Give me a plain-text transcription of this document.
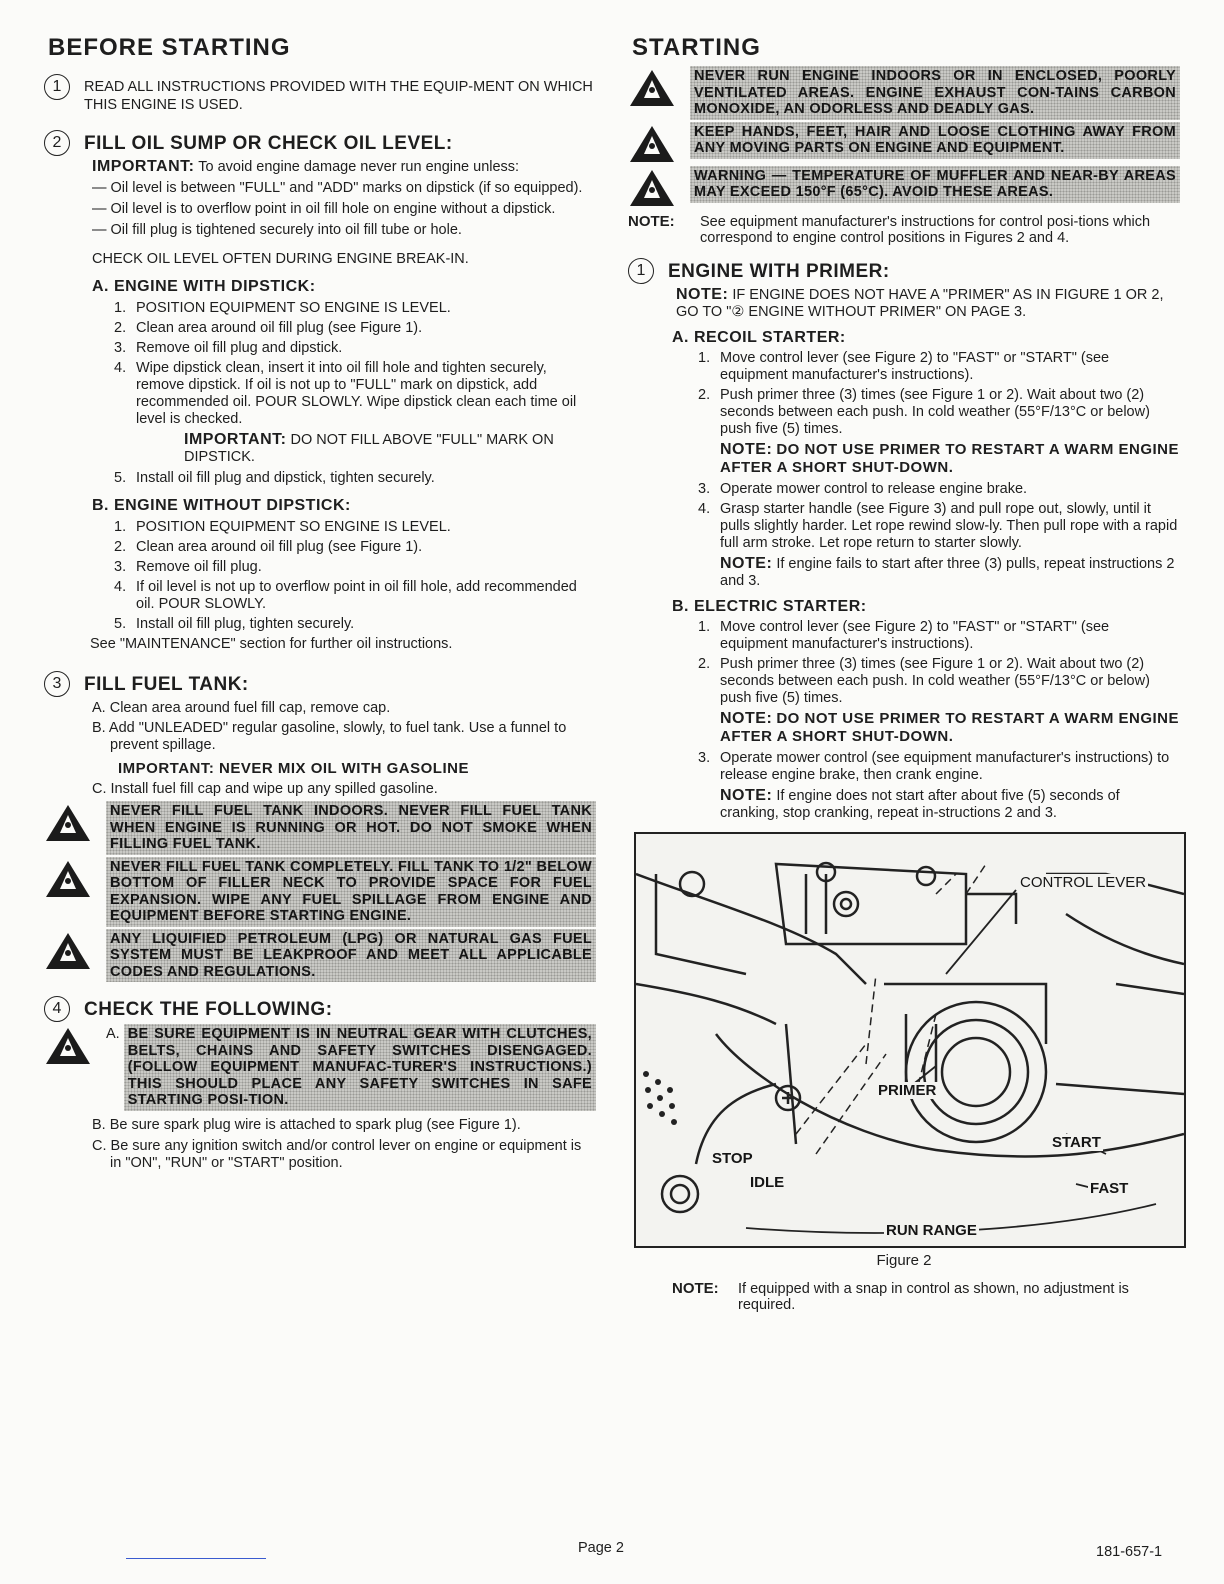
BEFORE STARTING
1	READ ALL INSTRUCTIONS PROVIDED WITH THE EQUIP-MENT ON WHICH THIS ENGINE IS USED.
2	FILL OIL SUMP OR CHECK OIL LEVEL:
IMPORTANT: To avoid engine damage never run engine unless:
— Oil level is between "FULL" and "ADD" marks on dipstick (if so equipped).
— Oil level is to overflow point in oil fill hole on engine without a dipstick.
— Oil fill plug is tightened securely into oil fill tube or hole.
CHECK OIL LEVEL OFTEN DURING ENGINE BREAK-IN.
A. ENGINE WITH DIPSTICK:
1. POSITION EQUIPMENT SO ENGINE IS LEVEL.
2. Clean area around oil fill plug (see Figure 1).
3. Remove oil fill plug and dipstick.
4. Wipe dipstick clean, insert it into oil fill hole and tighten securely, remove dipstick. If oil is not up to "FULL" mark on dipstick, add recommended oil. POUR SLOWLY. Wipe dipstick clean each time oil level is checked.
IMPORTANT: DO NOT FILL ABOVE "FULL" MARK ON DIPSTICK.
5. Install oil fill plug and dipstick, tighten securely.
B. ENGINE WITHOUT DIPSTICK:
1. POSITION EQUIPMENT SO ENGINE IS LEVEL.
2. Clean area around oil fill plug (see Figure 1).
3. Remove oil fill plug.
4. If oil level is not up to overflow point in oil fill hole, add recommended oil. POUR SLOWLY.
5. Install oil fill plug, tighten securely.
See "MAINTENANCE" section for further oil instructions.
3	FILL FUEL TANK:
A. Clean area around fuel fill cap, remove cap.
B. Add "UNLEADED" regular gasoline, slowly, to fuel tank. Use a funnel to prevent spillage.
IMPORTANT: NEVER MIX OIL WITH GASOLINE
C. Install fuel fill cap and wipe up any spilled gasoline.
NEVER FILL FUEL TANK INDOORS. NEVER FILL FUEL TANK WHEN ENGINE IS RUNNING OR HOT. DO NOT SMOKE WHEN FILLING FUEL TANK.
NEVER FILL FUEL TANK COMPLETELY. FILL TANK TO 1/2" BELOW BOTTOM OF FILLER NECK TO PROVIDE SPACE FOR FUEL EXPANSION. WIPE ANY FUEL SPILLAGE FROM ENGINE AND EQUIPMENT BEFORE STARTING ENGINE.
ANY LIQUIFIED PETROLEUM (LPG) OR NATURAL GAS FUEL SYSTEM MUST BE LEAKPROOF AND MEET ALL APPLICABLE CODES AND REGULATIONS.
4	CHECK THE FOLLOWING:
A. BE SURE EQUIPMENT IS IN NEUTRAL GEAR WITH CLUTCHES, BELTS, CHAINS AND SAFETY SWITCHES DISENGAGED. (FOLLOW EQUIPMENT MANUFAC-TURER'S INSTRUCTIONS.) THIS SHOULD PLACE ANY SAFETY SWITCHES IN SAFE STARTING POSI-TION.
B. Be sure spark plug wire is attached to spark plug (see Figure 1).
C. Be sure any ignition switch and/or control lever on engine or equipment is in "ON", "RUN" or "START" position.
STARTING
NEVER RUN ENGINE INDOORS OR IN ENCLOSED, POORLY VENTILATED AREAS. ENGINE EXHAUST CON-TAINS CARBON MONOXIDE, AN ODORLESS AND DEADLY GAS.
KEEP HANDS, FEET, HAIR AND LOOSE CLOTHING AWAY FROM ANY MOVING PARTS ON ENGINE AND EQUIPMENT.
WARNING — TEMPERATURE OF MUFFLER AND NEAR-BY AREAS MAY EXCEED 150°F (65°C). AVOID THESE AREAS.
NOTE:	See equipment manufacturer's instructions for control posi-tions which correspond to engine control positions in Figures 2 and 4.
1	ENGINE WITH PRIMER:
NOTE: IF ENGINE DOES NOT HAVE A "PRIMER" AS IN FIGURE 1 OR 2, GO TO "② ENGINE WITHOUT PRIMER" ON PAGE 3.
A. RECOIL STARTER:
1. Move control lever (see Figure 2) to "FAST" or "START" (see equipment manufacturer's instructions).
2. Push primer three (3) times (see Figure 1 or 2). Wait about two (2) seconds between each push. In cold weather (55°F/13°C or below) push five (5) times.
NOTE: DO NOT USE PRIMER TO RESTART A WARM ENGINE AFTER A SHORT SHUT-DOWN.
3. Operate mower control to release engine brake.
4. Grasp starter handle (see Figure 3) and pull rope out, slowly, until it pulls slightly harder. Let rope rewind slow-ly. Then pull rope with a rapid full arm stroke. Let rope return to starter slowly.
NOTE: If engine fails to start after three (3) pulls, repeat instructions 2 and 3.
B. ELECTRIC STARTER:
1. Move control lever (see Figure 2) to "FAST" or "START" (see equipment manufacturer's instructions).
2. Push primer three (3) times (see Figure 1 or 2). Wait about two (2) seconds between each push. In cold weather (55°F/13°C or below) push five (5) times.
NOTE: DO NOT USE PRIMER TO RESTART A WARM ENGINE AFTER A SHORT SHUT-DOWN.
3. Operate mower control (see equipment manufacturer's instructions) to release engine brake, then crank engine.
NOTE: If engine does not start after about five (5) seconds of cranking, stop cranking, repeat in-structions 2 and 3.
CONTROL LEVER
PRIMER
START
STOP
IDLE	FAST
RUN RANGE
Figure 2
NOTE:	If equipped with a snap in control as shown, no adjustment is required.
Page 2	181-657-1
